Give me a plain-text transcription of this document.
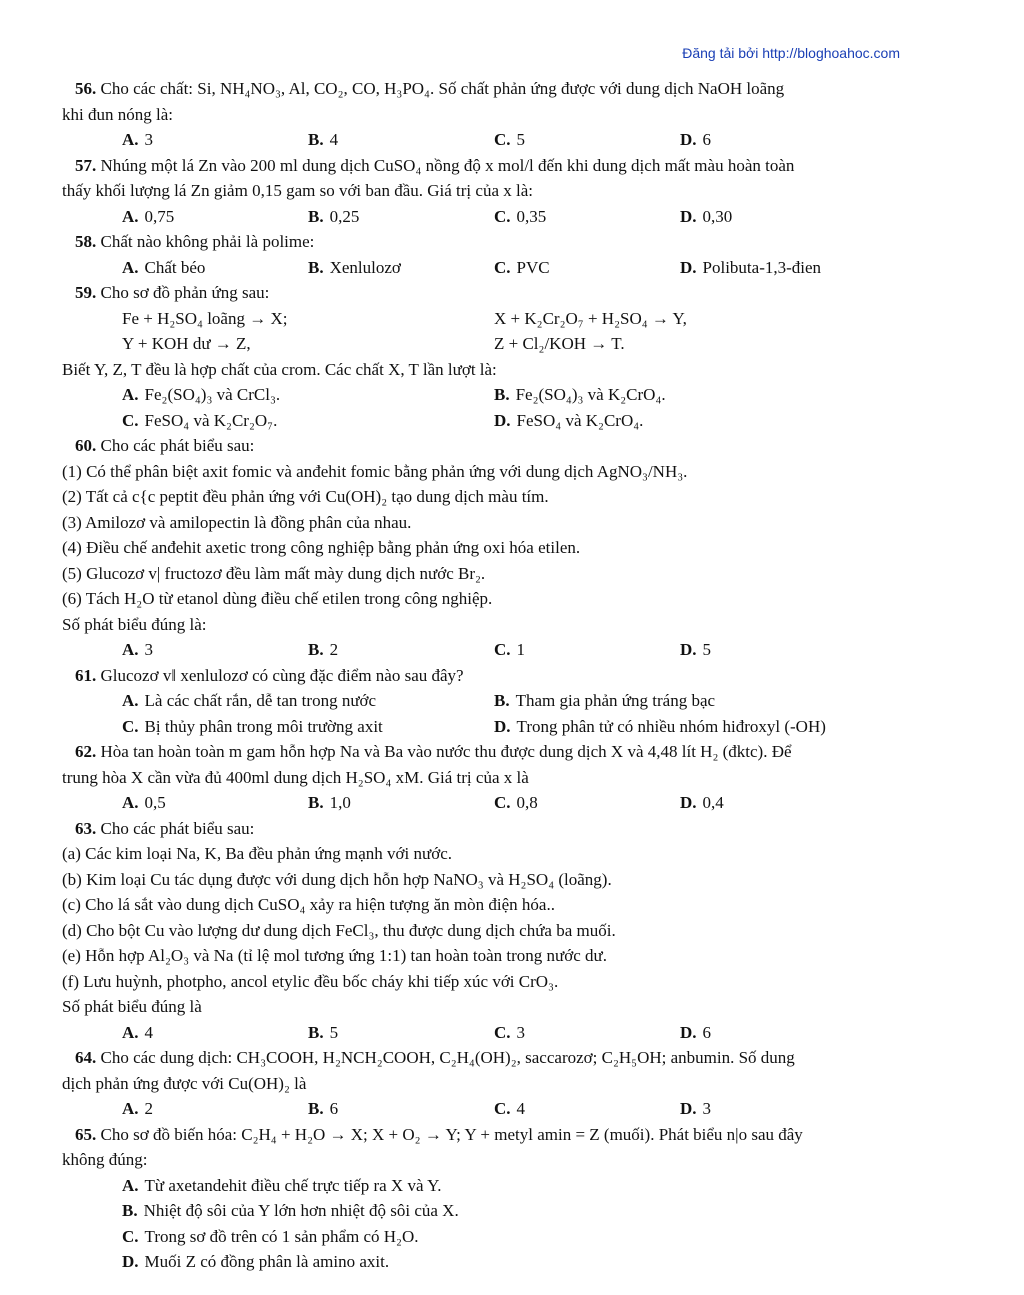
Đăng tải bởi http://bloghoahoc.com
56. Cho các chất: Si, NH₄NO₃, Al, CO₂, CO, H₃PO₄. Số chất phản ứng được với dung dịch NaOH loãng
khi đun nóng là:
A. 3	B. 4	C. 5	D. 6
57. Nhúng một lá Zn vào 200 ml dung dịch CuSO₄ nồng độ x mol/l đến khi dung dịch mất màu hoàn toàn
thấy khối lượng lá Zn giảm 0,15 gam so với ban đầu. Giá trị của x là:
A. 0,75	B. 0,25	C. 0,35	D. 0,30
58. Chất nào không phải là polime:
A. Chất béo	B. Xenlulozơ	C. PVC	D. Polibuta-1,3-đien
59. Cho sơ đồ phản ứng sau:
Fe + H₂SO₄ loãng → X;	X + K₂Cr₂O₇ + H₂SO₄ → Y,
Y + KOH dư → Z,	Z + Cl₂/KOH → T.
Biết Y, Z, T đều là hợp chất của crom. Các chất X, T lần lượt là:
A. Fe₂(SO₄)₃ và CrCl₃.	B. Fe₂(SO₄)₃ và K₂CrO₄.
C. FeSO₄ và K₂Cr₂O₇.	D. FeSO₄ và K₂CrO₄.
60. Cho các phát biểu sau:
(1) Có thể phân biệt axit fomic và anđehit fomic bằng phản ứng với dung dịch AgNO₃/NH₃.
(2) Tất cả c{c peptit đều phản ứng với Cu(OH)₂ tạo dung dịch màu tím.
(3) Amilozơ và amilopectin là đồng phân của nhau.
(4) Điều chế anđehit axetic trong công nghiệp bằng phản ứng oxi hóa etilen.
(5) Glucozơ v| fructozơ đều làm mất mày dung dịch nước Br₂.
(6) Tách H₂O từ etanol dùng điều chế etilen trong công nghiệp.
Số phát biểu đúng là:
A. 3	B. 2	C. 1	D. 5
61. Glucozơ v‖ xenlulozơ có cùng đặc điểm nào sau đây?
A. Là các chất rắn, dễ tan trong nước	B. Tham gia phản ứng tráng bạc
C. Bị thủy phân trong môi trường axit	D. Trong phân tử có nhiều nhóm hiđroxyl (-OH)
62. Hòa tan hoàn toàn m gam hỗn hợp Na và Ba vào nước thu được dung dịch X và 4,48 lít H₂ (đktc). Để
trung hòa X cần vừa đủ 400ml dung dịch H₂SO₄ xM. Giá trị của x là
A. 0,5	B. 1,0	C. 0,8	D. 0,4
63. Cho các phát biểu sau:
(a) Các kim loại Na, K, Ba đều phản ứng mạnh với nước.
(b) Kim loại Cu tác dụng được với dung dịch hỗn hợp NaNO₃ và H₂SO₄ (loãng).
(c) Cho lá sắt vào dung dịch CuSO₄ xảy ra hiện tượng ăn mòn điện hóa..
(d) Cho bột Cu vào lượng dư dung dịch FeCl₃, thu được dung dịch chứa ba muối.
(e) Hỗn hợp Al₂O₃ và Na (tỉ lệ mol tương ứng 1:1) tan hoàn toàn trong nước dư.
(f) Lưu huỳnh, photpho, ancol etylic đều bốc cháy khi tiếp xúc với CrO₃.
Số phát biểu đúng là
A. 4	B. 5	C. 3	D. 6
64. Cho các dung dịch: CH₃COOH, H₂NCH₂COOH, C₂H₄(OH)₂, saccarozơ; C₂H₅OH; anbumin. Số dung
dịch phản ứng được với Cu(OH)₂ là
A. 2	B. 6	C. 4	D. 3
65. Cho sơ đồ biến hóa: C₂H₄ + H₂O → X; X + O₂ → Y; Y + metyl amin = Z (muối). Phát biểu n|o sau đây
không đúng:
A. Từ axetandehit điều chế trực tiếp ra X và Y.
B. Nhiệt độ sôi của Y lớn hơn nhiệt độ sôi của X.
C. Trong sơ đồ trên có 1 sản phẩm có H₂O.
D. Muối Z có đồng phân là amino axit.
